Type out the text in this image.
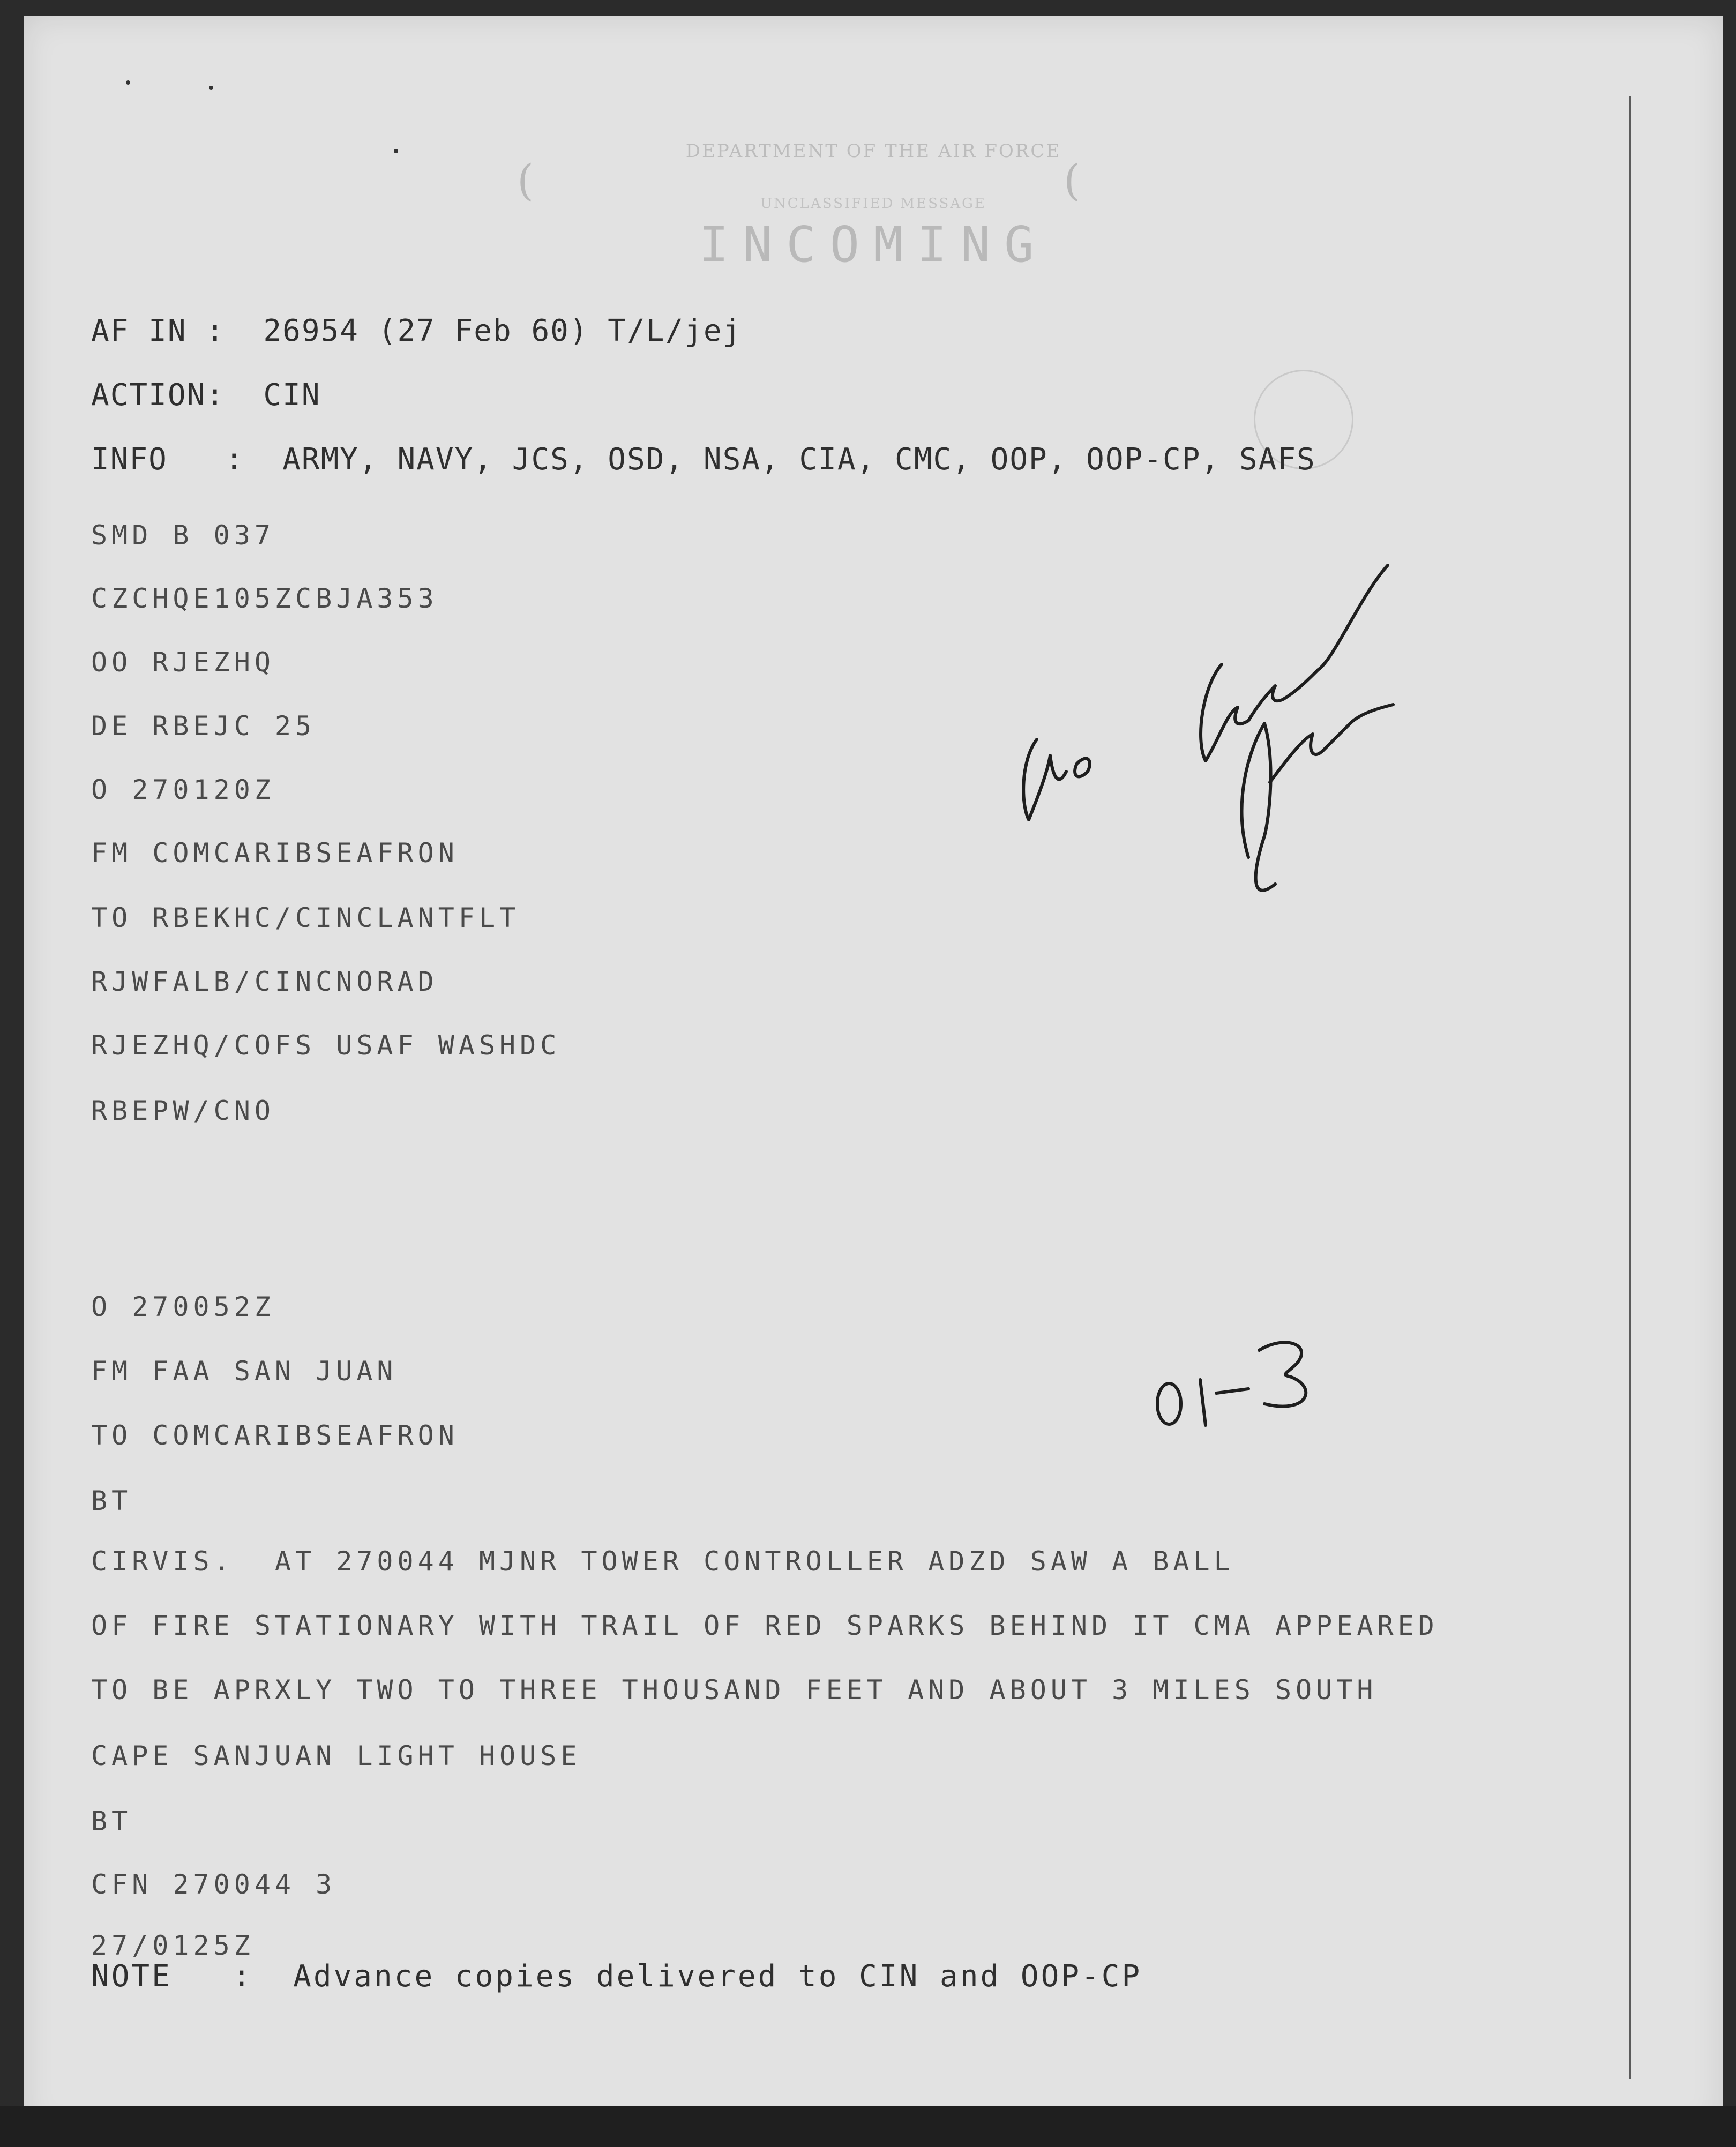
(	(
DEPARTMENT OF THE AIR FORCE

UNCLASSIFIED MESSAGE
INCOMING
AF IN :  26954 (27 Feb 60) T/L/jej
ACTION:  CIN
INFO   :  ARMY, NAVY, JCS, OSD, NSA, CIA, CMC, OOP, OOP-CP, SAFS
SMD B 037
CZCHQE105ZCBJA353
OO RJEZHQ
DE RBEJC 25
O 270120Z
FM COMCARIBSEAFRON
TO RBEKHC/CINCLANTFLT
RJWFALB/CINCNORAD
RJEZHQ/COFS USAF WASHDC
RBEPW/CNO
O 270052Z
FM FAA SAN JUAN
TO COMCARIBSEAFRON
BT
CIRVIS.  AT 270044 MJNR TOWER CONTROLLER ADZD SAW A BALL
OF FIRE STATIONARY WITH TRAIL OF RED SPARKS BEHIND IT CMA APPEARED
TO BE APRXLY TWO TO THREE THOUSAND FEET AND ABOUT 3 MILES SOUTH
CAPE SANJUAN LIGHT HOUSE
BT
CFN 270044 3
27/0125Z
NOTE   :  Advance copies delivered to CIN and OOP-CP
